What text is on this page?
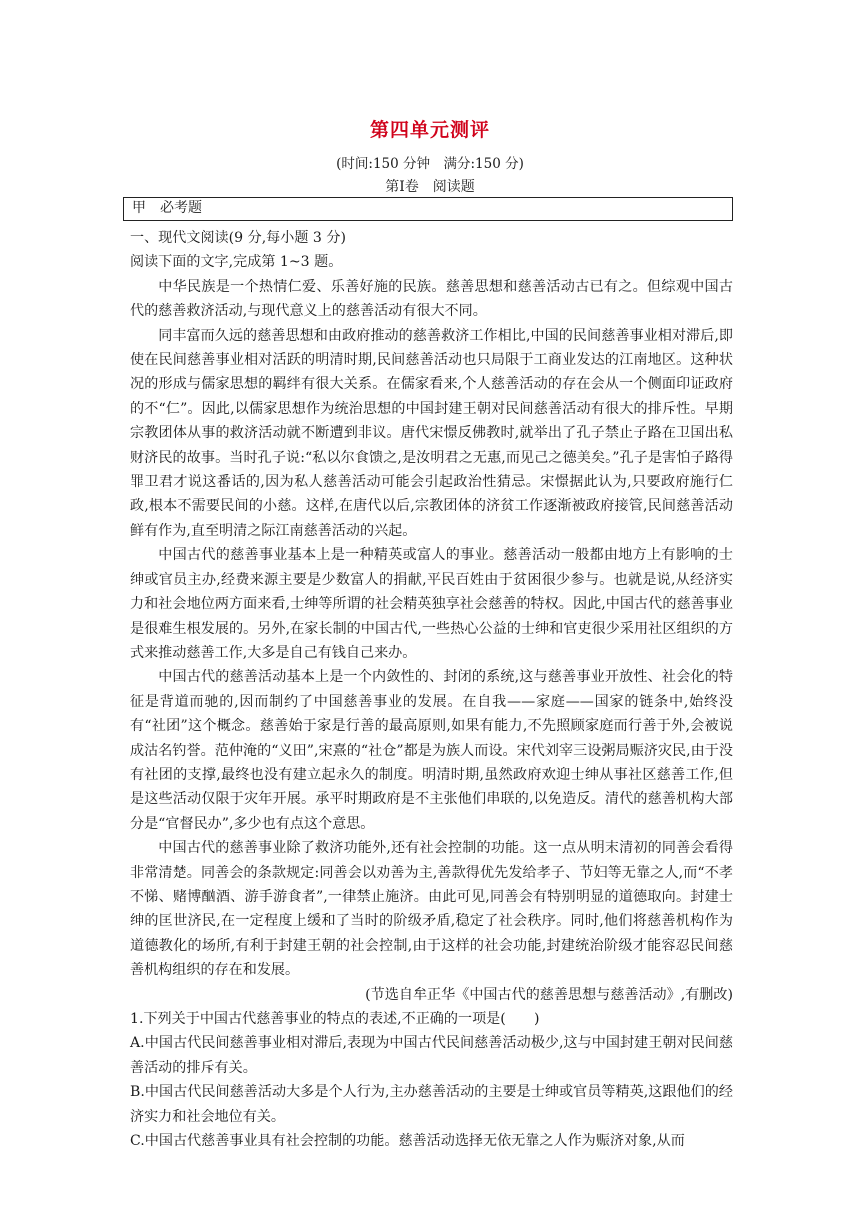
第四单元测评
(时间:150 分钟　满分:150 分)
第Ⅰ卷　阅读题
甲　必考题

一、现代文阅读(9 分,每小题 3 分)

阅读下面的文字,完成第 1~3 题。

中华民族是一个热情仁爱、乐善好施的民族。慈善思想和慈善活动古已有之。但综观中国古代的慈善救济活动,与现代意义上的慈善活动有很大不同。

同丰富而久远的慈善思想和由政府推动的慈善救济工作相比,中国的民间慈善事业相对滞后,即使在民间慈善事业相对活跃的明清时期,民间慈善活动也只局限于工商业发达的江南地区。这种状况的形成与儒家思想的羁绊有很大关系。在儒家看来,个人慈善活动的存在会从一个侧面印证政府的不“仁”。因此,以儒家思想作为统治思想的中国封建王朝对民间慈善活动有很大的排斥性。早期宗教团体从事的救济活动就不断遭到非议。唐代宋憬反佛教时,就举出了孔子禁止子路在卫国出私财济民的故事。当时孔子说:“私以尔食馈之,是汝明君之无惠,而见己之德美矣。”孔子是害怕子路得罪卫君才说这番话的,因为私人慈善活动可能会引起政治性猜忌。宋憬据此认为,只要政府施行仁政,根本不需要民间的小慈。这样,在唐代以后,宗教团体的济贫工作逐渐被政府接管,民间慈善活动鲜有作为,直至明清之际江南慈善活动的兴起。

中国古代的慈善事业基本上是一种精英或富人的事业。慈善活动一般都由地方上有影响的士绅或官员主办,经费来源主要是少数富人的捐献,平民百姓由于贫困很少参与。也就是说,从经济实力和社会地位两方面来看,士绅等所谓的社会精英独享社会慈善的特权。因此,中国古代的慈善事业是很难生根发展的。另外,在家长制的中国古代,一些热心公益的士绅和官吏很少采用社区组织的方式来推动慈善工作,大多是自己有钱自己来办。

中国古代的慈善活动基本上是一个内敛性的、封闭的系统,这与慈善事业开放性、社会化的特征是背道而驰的,因而制约了中国慈善事业的发展。在自我——家庭——国家的链条中,始终没有“社团”这个概念。慈善始于家是行善的最高原则,如果有能力,不先照顾家庭而行善于外,会被说成沽名钓誉。范仲淹的“义田”,宋熹的“社仓”都是为族人而设。宋代刘宰三设粥局赈济灾民,由于没有社团的支撑,最终也没有建立起永久的制度。明清时期,虽然政府欢迎士绅从事社区慈善工作,但是这些活动仅限于灾年开展。承平时期政府是不主张他们串联的,以免造反。清代的慈善机构大部分是“官督民办”,多少也有点这个意思。

中国古代的慈善事业除了救济功能外,还有社会控制的功能。这一点从明末清初的同善会看得非常清楚。同善会的条款规定:同善会以劝善为主,善款得优先发给孝子、节妇等无靠之人,而“不孝不悌、赌博酗酒、游手游食者”,一律禁止施济。由此可见,同善会有特别明显的道德取向。封建士绅的匡世济民,在一定程度上缓和了当时的阶级矛盾,稳定了社会秩序。同时,他们将慈善机构作为道德教化的场所,有利于封建王朝的社会控制,由于这样的社会功能,封建统治阶级才能容忍民间慈善机构组织的存在和发展。

(节选自牟正华《中国古代的慈善思想与慈善活动》,有删改)

1.下列关于中国古代慈善事业的特点的表述,不正确的一项是(　　)

A.中国古代民间慈善事业相对滞后,表现为中国古代民间慈善活动极少,这与中国封建王朝对民间慈善活动的排斥有关。

B.中国古代民间慈善活动大多是个人行为,主办慈善活动的主要是士绅或官员等精英,这跟他们的经济实力和社会地位有关。

C.中国古代慈善事业具有社会控制的功能。慈善活动选择无依无靠之人作为赈济对象,从而
